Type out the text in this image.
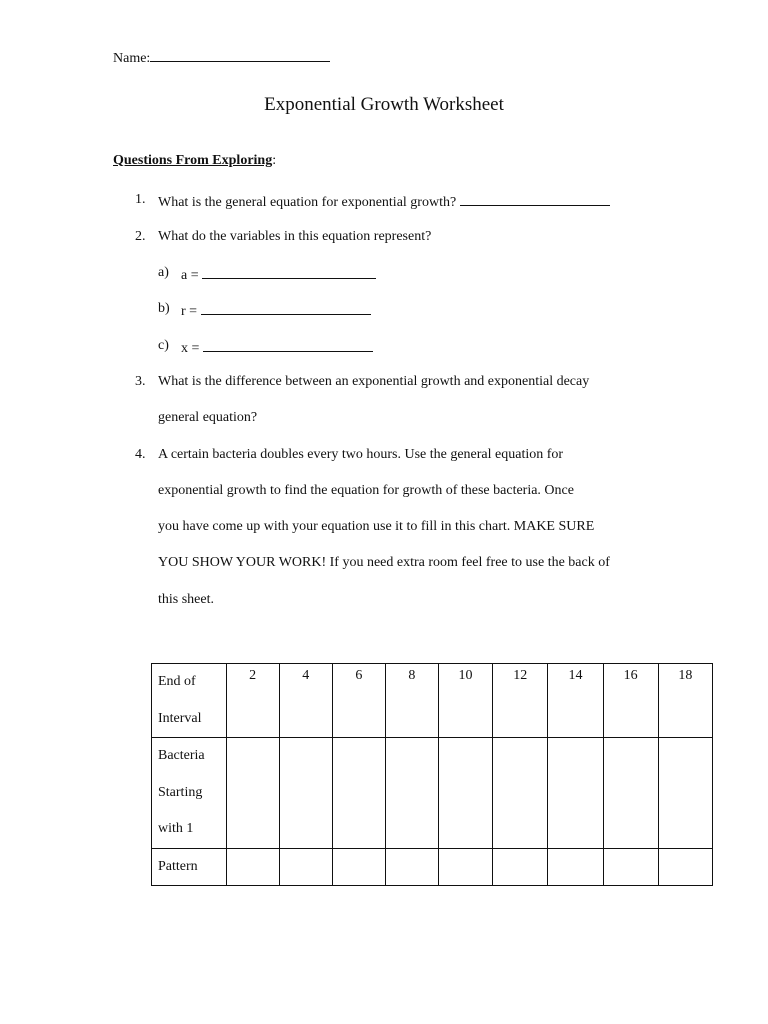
Name:
Exponential Growth Worksheet
Questions From Exploring:
1. What is the general equation for exponential growth?
2. What do the variables in this equation represent?
a) a =
b) r =
c) x =
3. What is the difference between an exponential growth and exponential decay
general equation?
4. A certain bacteria doubles every two hours. Use the general equation for
exponential growth to find the equation for growth of these bacteria. Once
you have come up with your equation use it to fill in this chart. MAKE SURE
YOU SHOW YOUR WORK! If you need extra room feel free to use the back of
this sheet.
End of
Interval	2	4	6	8	10	12	14	16	18

Bacteria
Starting
with 1									

Pattern									
